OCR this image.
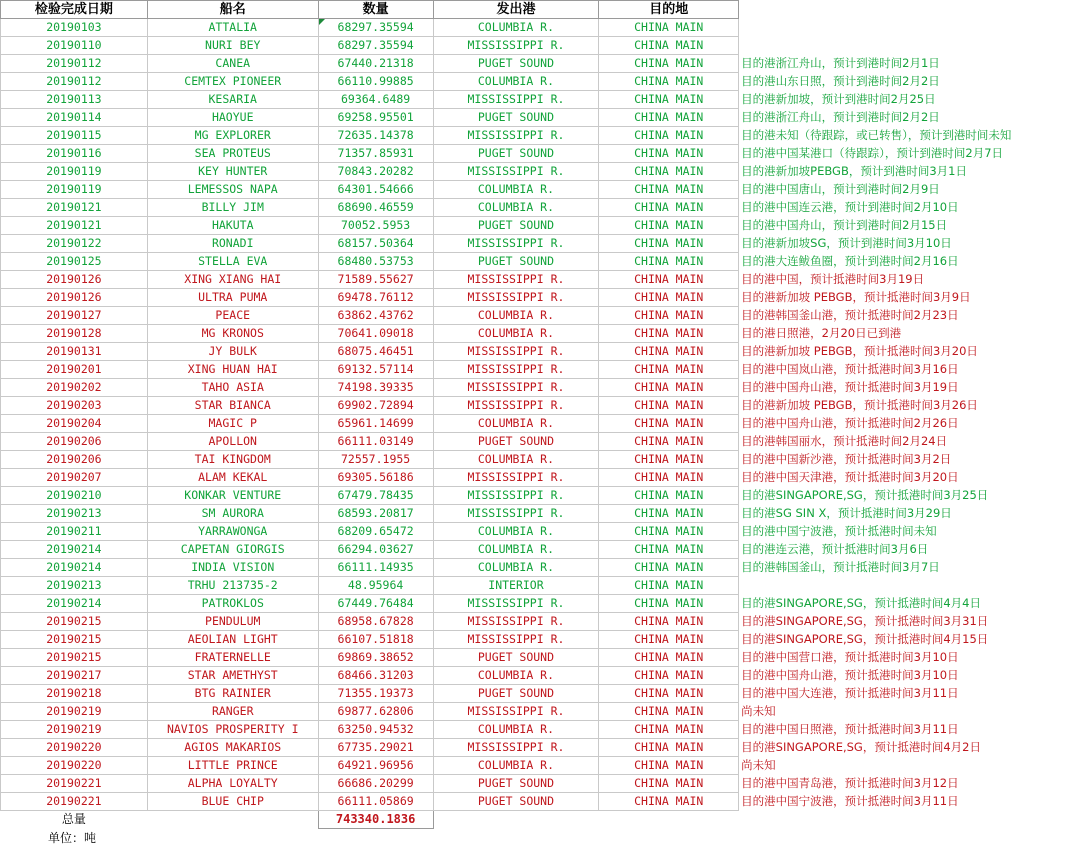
检验完成日期	船名	数量	发出港	目的地	
20190103	ATTALIA	68297.35594	COLUMBIA R.	CHINA MAIN	
20190110	NURI BEY	68297.35594	MISSISSIPPI R.	CHINA MAIN	
20190112	CANEA	67440.21318	PUGET SOUND	CHINA MAIN	目的港浙江舟山，预计到港时间2月1日
20190112	CEMTEX PIONEER	66110.99885	COLUMBIA R.	CHINA MAIN	目的港山东日照，预计到港时间2月2日
20190113	KESARIA	69364.6489	MISSISSIPPI R.	CHINA MAIN	目的港新加坡，预计到港时间2月25日
20190114	HAOYUE	69258.95501	PUGET SOUND	CHINA MAIN	目的港浙江舟山，预计到港时间2月2日
20190115	MG EXPLORER	72635.14378	MISSISSIPPI R.	CHINA MAIN	目的港未知（待跟踪，或已转售），预计到港时间未知
20190116	SEA PROTEUS	71357.85931	PUGET SOUND	CHINA MAIN	目的港中国某港口（待跟踪），预计到港时间2月7日
20190119	KEY HUNTER	70843.20282	MISSISSIPPI R.	CHINA MAIN	目的港新加坡PEBGB，预计到港时间3月1日
20190119	LEMESSOS NAPA	64301.54666	COLUMBIA R.	CHINA MAIN	目的港中国唐山，预计到港时间2月9日
20190121	BILLY JIM	68690.46559	COLUMBIA R.	CHINA MAIN	目的港中国连云港，预计到港时间2月10日
20190121	HAKUTA	70052.5953	PUGET SOUND	CHINA MAIN	目的港中国舟山，预计到港时间2月15日
20190122	RONADI	68157.50364	MISSISSIPPI R.	CHINA MAIN	目的港新加坡SG，预计到港时间3月10日
20190125	STELLA EVA	68480.53753	PUGET SOUND	CHINA MAIN	目的港大连鲅鱼圈，预计到港时间2月16日
20190126	XING XIANG HAI	71589.55627	MISSISSIPPI R.	CHINA MAIN	目的港中国，预计抵港时间3月19日
20190126	ULTRA PUMA	69478.76112	MISSISSIPPI R.	CHINA MAIN	目的港新加坡 PEBGB，预计抵港时间3月9日
20190127	PEACE	63862.43762	COLUMBIA R.	CHINA MAIN	目的港韩国釜山港，预计抵港时间2月23日
20190128	MG KRONOS	70641.09018	COLUMBIA R.	CHINA MAIN	目的港日照港，2月20日已到港
20190131	JY BULK	68075.46451	MISSISSIPPI R.	CHINA MAIN	目的港新加坡 PEBGB，预计抵港时间3月20日
20190201	XING HUAN HAI	69132.57114	MISSISSIPPI R.	CHINA MAIN	目的港中国岚山港，预计抵港时间3月16日
20190202	TAHO ASIA	74198.39335	MISSISSIPPI R.	CHINA MAIN	目的港中国舟山港，预计抵港时间3月19日
20190203	STAR BIANCA	69902.72894	MISSISSIPPI R.	CHINA MAIN	目的港新加坡 PEBGB，预计抵港时间3月26日
20190204	MAGIC P	65961.14699	COLUMBIA R.	CHINA MAIN	目的港中国舟山港，预计抵港时间2月26日
20190206	APOLLON	66111.03149	PUGET SOUND	CHINA MAIN	目的港韩国丽水，预计抵港时间2月24日
20190206	TAI KINGDOM	72557.1955	COLUMBIA R.	CHINA MAIN	目的港中国新沙港，预计抵港时间3月2日
20190207	ALAM KEKAL	69305.56186	MISSISSIPPI R.	CHINA MAIN	目的港中国天津港，预计抵港时间3月20日
20190210	KONKAR VENTURE	67479.78435	MISSISSIPPI R.	CHINA MAIN	目的港SINGAPORE,SG，预计抵港时间3月25日
20190213	SM AURORA	68593.20817	MISSISSIPPI R.	CHINA MAIN	目的港SG SIN X，预计抵港时间3月29日
20190211	YARRAWONGA	68209.65472	COLUMBIA R.	CHINA MAIN	目的港中国宁波港，预计抵港时间未知
20190214	CAPETAN GIORGIS	66294.03627	COLUMBIA R.	CHINA MAIN	目的港连云港，预计抵港时间3月6日
20190214	INDIA VISION	66111.14935	COLUMBIA R.	CHINA MAIN	目的港韩国釜山，预计抵港时间3月7日
20190213	TRHU 213735-2	48.95964	INTERIOR	CHINA MAIN	
20190214	PATROKLOS	67449.76484	MISSISSIPPI R.	CHINA MAIN	目的港SINGAPORE,SG，预计抵港时间4月4日
20190215	PENDULUM	68958.67828	MISSISSIPPI R.	CHINA MAIN	目的港SINGAPORE,SG，预计抵港时间3月31日
20190215	AEOLIAN LIGHT	66107.51818	MISSISSIPPI R.	CHINA MAIN	目的港SINGAPORE,SG，预计抵港时间4月15日
20190215	FRATERNELLE	69869.38652	PUGET SOUND	CHINA MAIN	目的港中国营口港，预计抵港时间3月10日
20190217	STAR AMETHYST	68466.31203	COLUMBIA R.	CHINA MAIN	目的港中国舟山港，预计抵港时间3月10日
20190218	BTG RAINIER	71355.19373	PUGET SOUND	CHINA MAIN	目的港中国大连港，预计抵港时间3月11日
20190219	RANGER	69877.62806	MISSISSIPPI R.	CHINA MAIN	尚未知
20190219	NAVIOS PROSPERITY I	63250.94532	COLUMBIA R.	CHINA MAIN	目的港中国日照港，预计抵港时间3月11日
20190220	AGIOS MAKARIOS	67735.29021	MISSISSIPPI R.	CHINA MAIN	目的港SINGAPORE,SG，预计抵港时间4月2日
20190220	LITTLE PRINCE	64921.96956	COLUMBIA R.	CHINA MAIN	尚未知
20190221	ALPHA LOYALTY	66686.20299	PUGET SOUND	CHINA MAIN	目的港中国青岛港，预计抵港时间3月12日
20190221	BLUE CHIP	66111.05869	PUGET SOUND	CHINA MAIN	目的港中国宁波港，预计抵港时间3月11日
总量		743340.1836			
单位：吨
